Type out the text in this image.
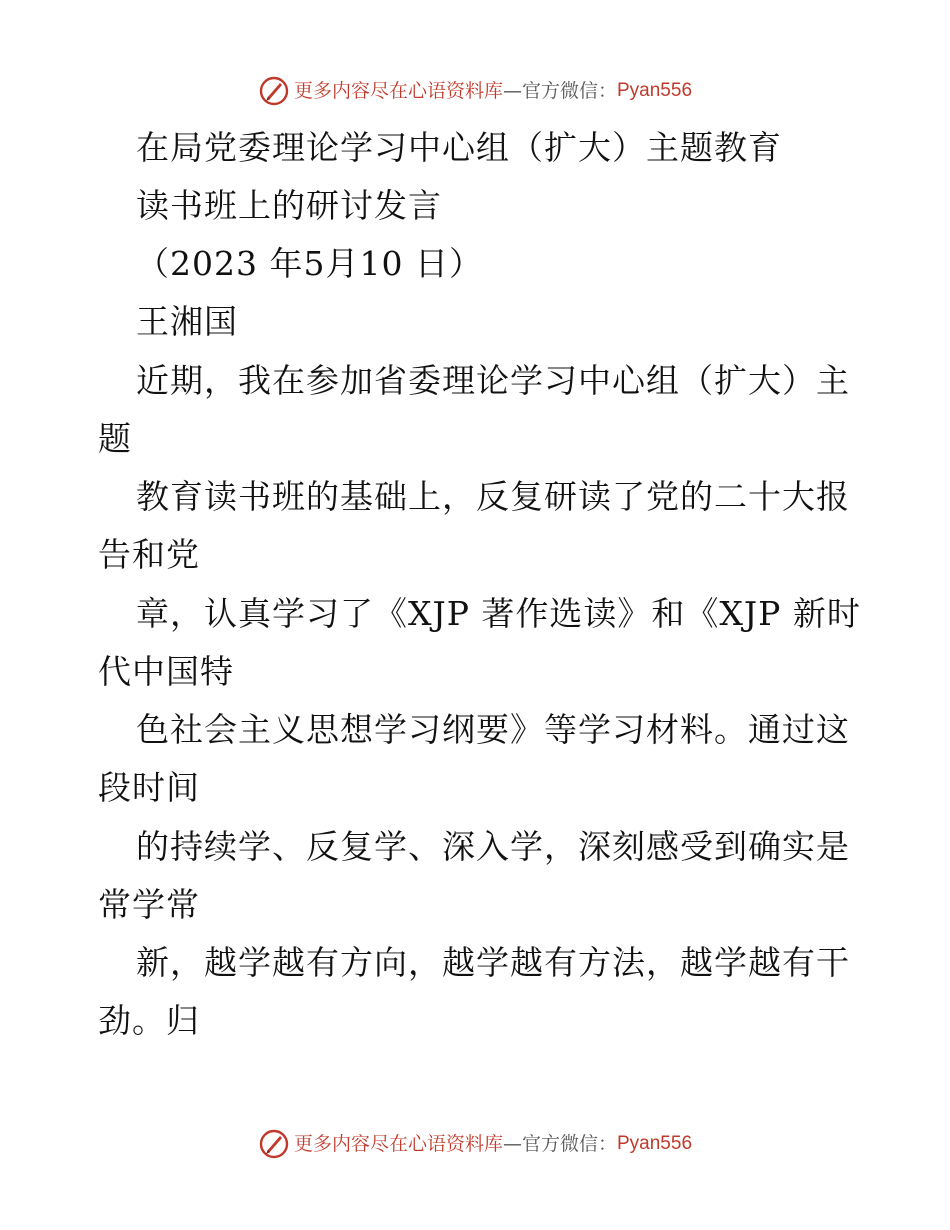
更多内容尽在心语资料库 — 官方微信： Pyan556
在局党委理论学习中心组（扩大）主题教育
读书班上的研讨发言
（2023 年5月10 日）
王湘国
近期，我在参加省委理论学习中心组（扩大）主
题
教育读书班的基础上，反复研读了党的二十大报
告和党
章，认真学习了《XJP 著作选读》和《XJP 新时
代中国特
色社会主义思想学习纲要》等学习材料。通过这
段时间
的持续学、反复学、深入学，深刻感受到确实是
常学常
新，越学越有方向，越学越有方法，越学越有干
劲。归
更多内容尽在心语资料库 — 官方微信： Pyan556
